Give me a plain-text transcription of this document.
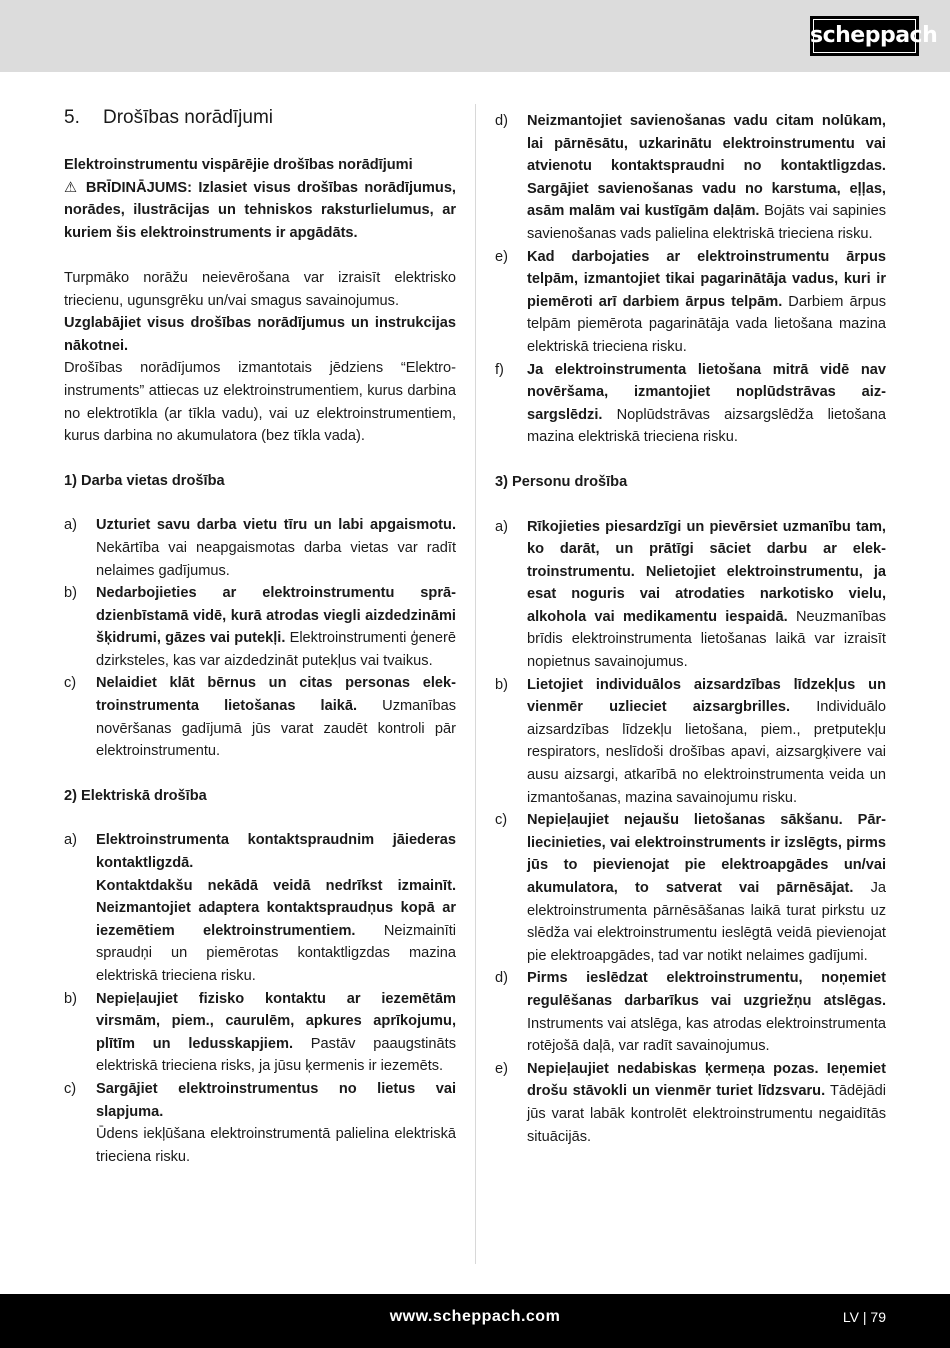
scheppach
5.	Drošības norādījumi

Elektroinstrumentu vispārējie drošības norādījumi

⚠ BRĪDINĀJUMS: Izlasiet visus drošības norādījumus, norādes, ilustrācijas un tehniskos raksturlielumus, ar kuriem šis elektroinstruments ir apgādāts.

Turpmāko norāžu neievērošana var izraisīt elektrisko triecienu, ugunsgrēku un/vai smagus savainojumus.

Uzglabājiet visus drošības norādījumus un instrukcijas nākotnei.

Drošības norādījumos izmantotais jēdziens “Elektroinstruments” attiecas uz elektroinstrumentiem, kurus darbina no elektrotīkla (ar tīkla vadu), vai uz elektroinstrumentiem, kurus darbina no akumulatora (bez tīkla vada).

1) Darba vietas drošība

a)	Uzturiet savu darba vietu tīru un labi apgaismotu. Nekārtība vai neapgaismotas darba vietas var radīt nelaimes gadījumus.
b)	Nedarbojieties ar elektroinstrumentu sprādzienbīstamā vidē, kurā atrodas viegli aizdedzināmi šķidrumi, gāzes vai putekļi. Elektroinstrumenti ģenerē dzirksteles, kas var aizdedzināt putekļus vai tvaikus.
c)	Nelaidiet klāt bērnus un citas personas elektroinstrumenta lietošanas laikā. Uzmanības novēršanas gadījumā jūs varat zaudēt kontroli pār elektroinstrumentu.

2) Elektriskā drošība

a)	Elektroinstrumenta kontaktspraudnim jāiederas kontaktligzdā.
Kontaktdakšu nekādā veidā nedrīkst izmainīt. Neizmantojiet adaptera kontaktspraudņus kopā ar iezemētiem elektroinstrumentiem. Neizmainīti spraudņi un piemērotas kontaktligzdas mazina elektriskā trieciena risku.
b)	Nepieļaujiet fizisko kontaktu ar iezemētām virsmām, piem., caurulēm, apkures aprīkojumu, plītīm un ledusskapjiem. Pastāv paaugstināts elektriskā trieciena risks, ja jūsu ķermenis ir iezemēts.
c)	Sargājiet elektroinstrumentus no lietus vai slapjuma.
Ūdens iekļūšana elektroinstrumentā palielina elektriskā trieciena risku.
d)	Neizmantojiet savienošanas vadu citam nolūkam, lai pārnēsātu, uzkarinātu elektroinstrumentu vai atvienotu kontaktspraudni no kontaktligzdas. Sargājiet savienošanas vadu no karstuma, eļļas, asām malām vai kustīgām daļām. Bojāts vai sapinies savienošanas vads palielina elektriskā trieciena risku.
e)	Kad darbojaties ar elektroinstrumentu ārpus telpām, izmantojiet tikai pagarinātāja vadus, kuri ir piemēroti arī darbiem ārpus telpām. Darbiem ārpus telpām piemērota pagarinātāja vada lietošana mazina elektriskā trieciena risku.
f)	Ja elektroinstrumenta lietošana mitrā vidē nav novēršama, izmantojiet noplūdstrāvas aizsargslēdzi. Noplūdstrāvas aizsargslēdža lietošana mazina elektriskā trieciena risku.

3) Personu drošība

a)	Rīkojieties piesardzīgi un pievērsiet uzmanību tam, ko darāt, un prātīgi sāciet darbu ar elektroinstrumentu. Nelietojiet elektroinstrumentu, ja esat noguris vai atrodaties narkotisko vielu, alkohola vai medikamentu iespaidā. Neuzmanības brīdis elektroinstrumenta lietošanas laikā var izraisīt nopietnus savainojumus.
b)	Lietojiet individuālos aizsardzības līdzekļus un vienmēr uzlieciet aizsargbrilles. Individuālo aizsardzības līdzekļu lietošana, piem., pretputekļu respirators, neslīdoši drošības apavi, aizsargķivere vai ausu aizsargi, atkarībā no elektroinstrumenta veida un izmantošanas, mazina savainojumu risku.
c)	Nepieļaujiet nejaušu lietošanas sākšanu. Pārliecinieties, vai elektroinstruments ir izslēgts, pirms jūs to pievienojat pie elektroapgādes un/vai akumulatora, to satverat vai pārnēsājat. Ja elektroinstrumenta pārnēsāšanas laikā turat pirkstu uz slēdža vai elektroinstrumentu ieslēgtā veidā pievienojat pie elektroapgādes, tad var notikt nelaimes gadījumi.
d)	Pirms ieslēdzat elektroinstrumentu, noņemiet regulēšanas darbarīkus vai uzgriežņu atslēgas. Instruments vai atslēga, kas atrodas elektroinstrumenta rotējošā daļā, var radīt savainojumus.
e)	Nepieļaujiet nedabiskas ķermeņa pozas. Ieņemiet drošu stāvokli un vienmēr turiet līdzsvaru. Tādējādi jūs varat labāk kontrolēt elektroinstrumentu negaidītās situācijās.
www.scheppach.com	LV | 79
